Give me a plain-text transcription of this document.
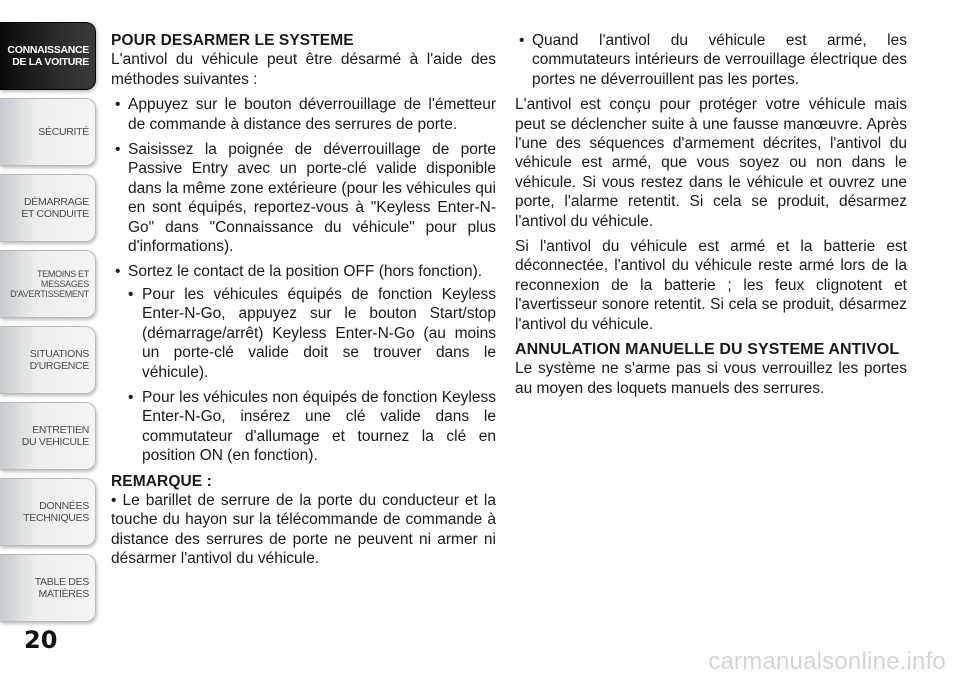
CONNAISSANCE
DE LA VOITURE
SÉCURITÉ
DÉMARRAGE
ET CONDUITE
TEMOINS ET
MESSAGES
D'AVERTISSEMENT
SITUATIONS
D'URGENCE
ENTRETIEN
DU VEHICULE
DONNÉES
TECHNIQUES
TABLE DES
MATIÈRES
20

POUR DESARMER LE SYSTEME

L'antivol du véhicule peut être désarmé à l'aide des méthodes suivantes :

• Appuyez sur le bouton déverrouillage de l'émetteur de commande à distance des serrures de porte.

• Saisissez la poignée de déverrouillage de porte Passive Entry avec un porte-clé valide disponible dans la même zone extérieure (pour les véhicules qui en sont équipés, reportez-vous à "Keyless Enter-N-Go" dans "Connaissance du véhicule" pour plus d'informations).

• Sortez le contact de la position OFF (hors fonction).

• Pour les véhicules équipés de fonction Keyless Enter-N-Go, appuyez sur le bouton Start/stop (démarrage/arrêt) Keyless Enter-N-Go (au moins un porte-clé valide doit se trouver dans le véhicule).

• Pour les véhicules non équipés de fonction Keyless Enter-N-Go, insérez une clé valide dans le commutateur d'allumage et tournez la clé en position ON (en fonction).

REMARQUE :

• Le barillet de serrure de la porte du conducteur et la touche du hayon sur la télécommande de commande à distance des serrures de porte ne peuvent ni armer ni désarmer l'antivol du véhicule.

• Quand l'antivol du véhicule est armé, les commutateurs intérieurs de verrouillage électrique des portes ne déverrouillent pas les portes.

L'antivol est conçu pour protéger votre véhicule mais peut se déclencher suite à une fausse manœuvre. Après l'une des séquences d'armement décrites, l'antivol du véhicule est armé, que vous soyez ou non dans le véhicule. Si vous restez dans le véhicule et ouvrez une porte, l'alarme retentit. Si cela se produit, désarmez l'antivol du véhicule.

Si l'antivol du véhicule est armé et la batterie est déconnectée, l'antivol du véhicule reste armé lors de la reconnexion de la batterie ; les feux clignotent et l'avertisseur sonore retentit. Si cela se produit, désarmez l'antivol du véhicule.

ANNULATION MANUELLE DU SYSTEME ANTIVOL

Le système ne s'arme pas si vous verrouillez les portes au moyen des loquets manuels des serrures.

carmanualsonline.info
